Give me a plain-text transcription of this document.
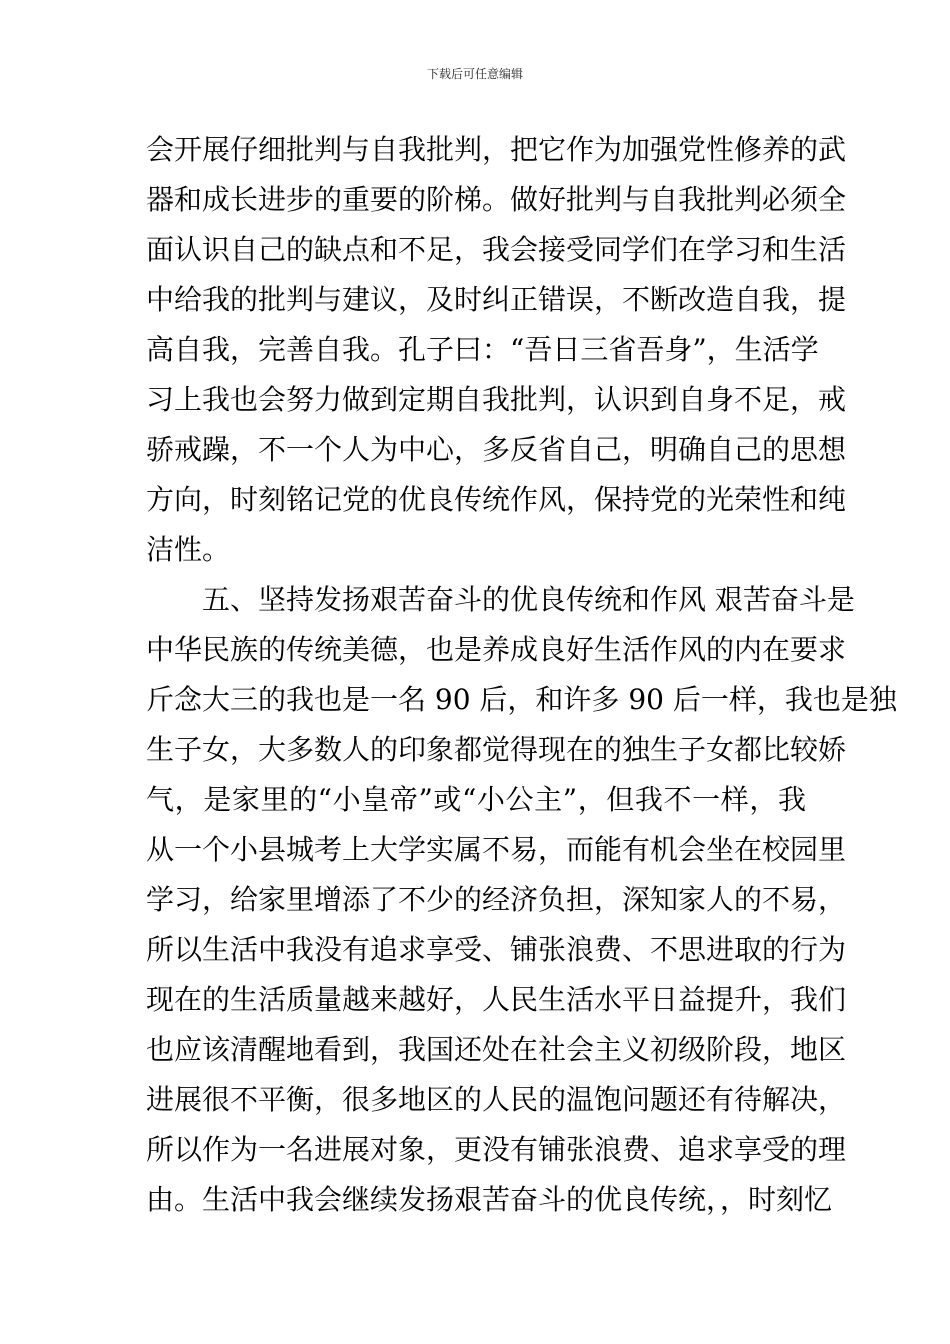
下载后可任意编辑
会开展仔细批判与自我批判，把它作为加强党性修养的武
器和成长进步的重要的阶梯。做好批判与自我批判必须全
面认识自己的缺点和不足，我会接受同学们在学习和生活
中给我的批判与建议，及时纠正错误，不断改造自我，提
高自我，完善自我。孔子曰：“吾日三省吾身”，生活学
习上我也会努力做到定期自我批判，认识到自身不足，戒
骄戒躁，不一个人为中心，多反省自己，明确自己的思想
方向，时刻铭记党的优良传统作风，保持党的光荣性和纯
洁性。
五、坚持发扬艰苦奋斗的优良传统和作风 艰苦奋斗是
中华民族的传统美德，也是养成良好生活作风的内在要求
斤念大三的我也是一名 90 后，和许多 90 后一样，我也是独
生子女，大多数人的印象都觉得现在的独生子女都比较娇
气，是家里的“小皇帝”或“小公主”，但我不一样，我
从一个小县城考上大学实属不易，而能有机会坐在校园里
学习，给家里增添了不少的经济负担，深知家人的不易，
所以生活中我没有追求享受、铺张浪费、不思进取的行为
现在的生活质量越来越好，人民生活水平日益提升，我们
也应该清醒地看到，我国还处在社会主义初级阶段，地区
进展很不平衡，很多地区的人民的温饱问题还有待解决，
所以作为一名进展对象，更没有铺张浪费、追求享受的理
由。生活中我会继续发扬艰苦奋斗的优良传统，，时刻忆
